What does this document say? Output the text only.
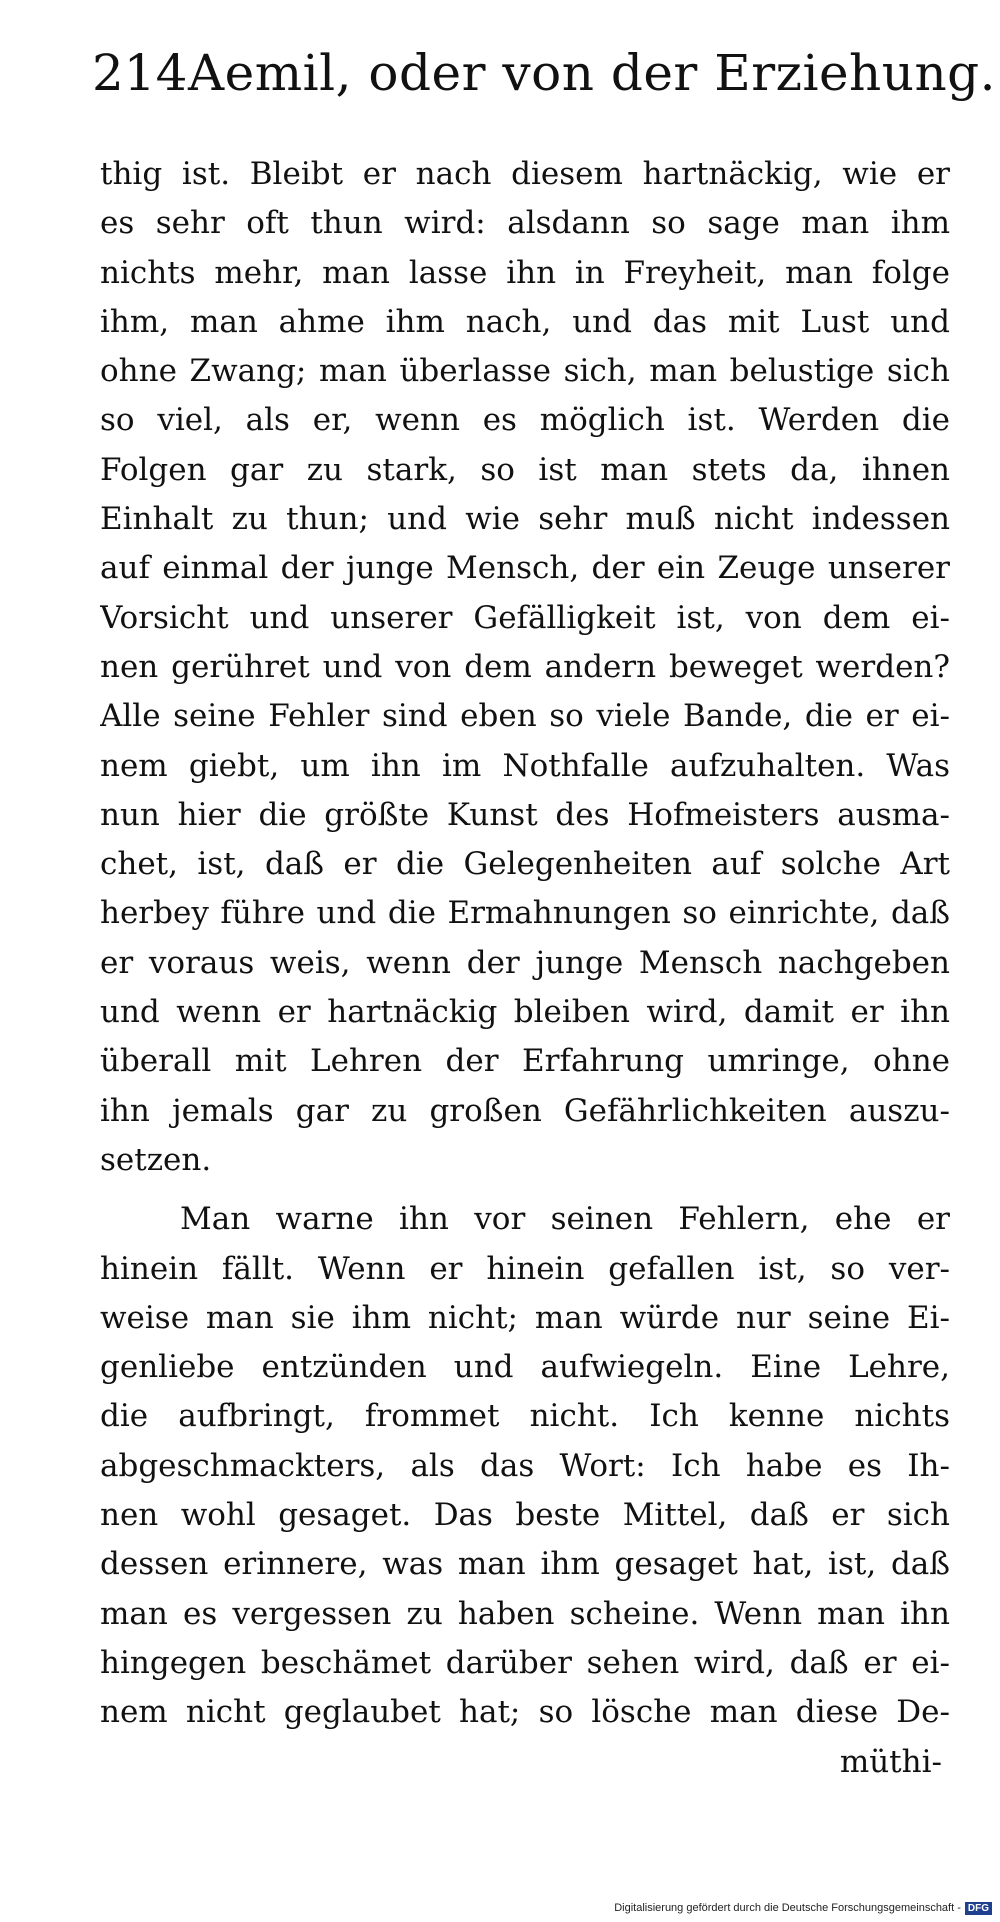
214Aemil, oder von der Erziehung.
thig ist. Bleibt er nach diesem hartnäckig, wie er
es sehr oft thun wird: alsdann so sage man ihm
nichts mehr, man lasse ihn in Freyheit, man folge
ihm, man ahme ihm nach, und das mit Lust und
ohne Zwang; man überlasse sich, man belustige sich
so viel, als er, wenn es möglich ist. Werden die
Folgen gar zu stark, so ist man stets da, ihnen
Einhalt zu thun; und wie sehr muß nicht indessen
auf einmal der junge Mensch, der ein Zeuge unserer
Vorsicht und unserer Gefälligkeit ist, von dem ei-
nen gerühret und von dem andern beweget werden?
Alle seine Fehler sind eben so viele Bande, die er ei-
nem giebt, um ihn im Nothfalle aufzuhalten. Was
nun hier die größte Kunst des Hofmeisters ausma-
chet, ist, daß er die Gelegenheiten auf solche Art
herbey führe und die Ermahnungen so einrichte, daß
er voraus weis, wenn der junge Mensch nachgeben
und wenn er hartnäckig bleiben wird, damit er ihn
überall mit Lehren der Erfahrung umringe, ohne
ihn jemals gar zu großen Gefährlichkeiten auszu-
setzen.
Man warne ihn vor seinen Fehlern, ehe er
hinein fällt. Wenn er hinein gefallen ist, so ver-
weise man sie ihm nicht; man würde nur seine Ei-
genliebe entzünden und aufwiegeln. Eine Lehre,
die aufbringt, frommet nicht. Ich kenne nichts
abgeschmackters, als das Wort: Ich habe es Ih-
nen wohl gesaget. Das beste Mittel, daß er sich
dessen erinnere, was man ihm gesaget hat, ist, daß
man es vergessen zu haben scheine. Wenn man ihn
hingegen beschämet darüber sehen wird, daß er ei-
nem nicht geglaubet hat; so lösche man diese De-
müthi-
Digitalisierung gefördert durch die Deutsche Forschungsgemeinschaft - DFG
